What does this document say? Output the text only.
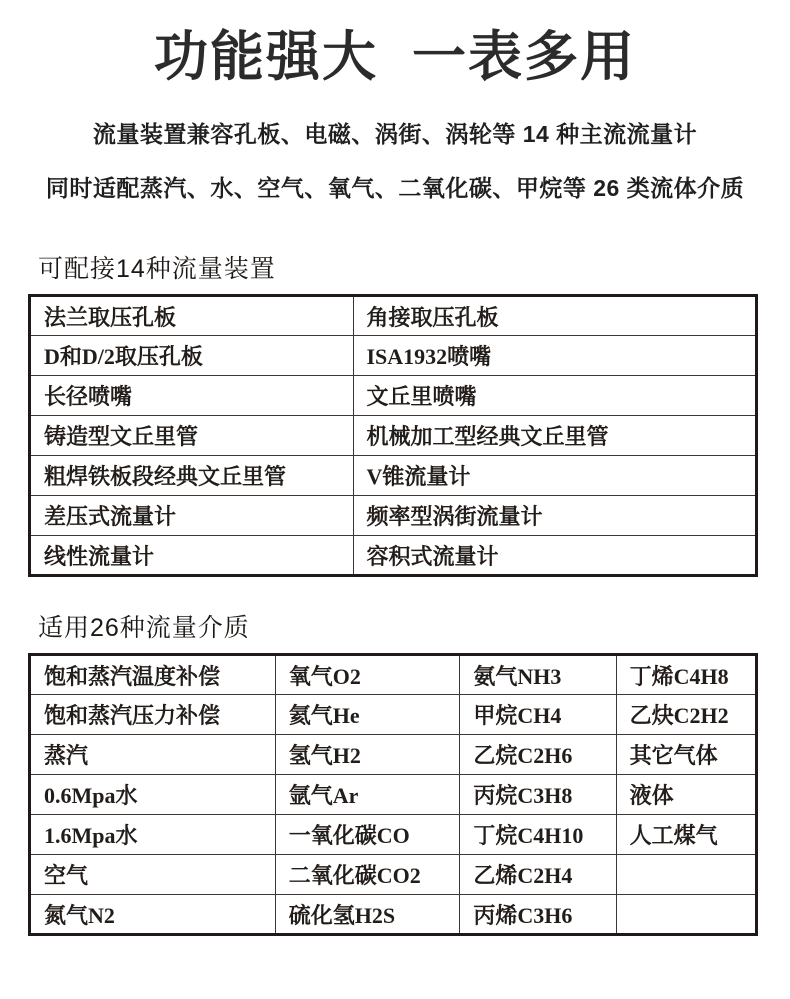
功能强大  一表多用
流量装置兼容孔板、电磁、涡街、涡轮等 14 种主流流量计
同时适配蒸汽、水、空气、氧气、二氧化碳、甲烷等 26 类流体介质
可配接14种流量装置
法兰取压孔板	角接取压孔板
D和D/2取压孔板	ISA1932喷嘴
长径喷嘴	文丘里喷嘴
铸造型文丘里管	机械加工型经典文丘里管
粗焊铁板段经典文丘里管	V锥流量计
差压式流量计	频率型涡街流量计
线性流量计	容积式流量计
适用26种流量介质
饱和蒸汽温度补偿	氧气O2	氨气NH3	丁烯C4H8
饱和蒸汽压力补偿	氦气He	甲烷CH4	乙炔C2H2
蒸汽	氢气H2	乙烷C2H6	其它气体
0.6Mpa水	氩气Ar	丙烷C3H8	液体
1.6Mpa水	一氧化碳CO	丁烷C4H10	人工煤气
空气	二氧化碳CO2	乙烯C2H4	
氮气N2	硫化氢H2S	丙烯C3H6	
